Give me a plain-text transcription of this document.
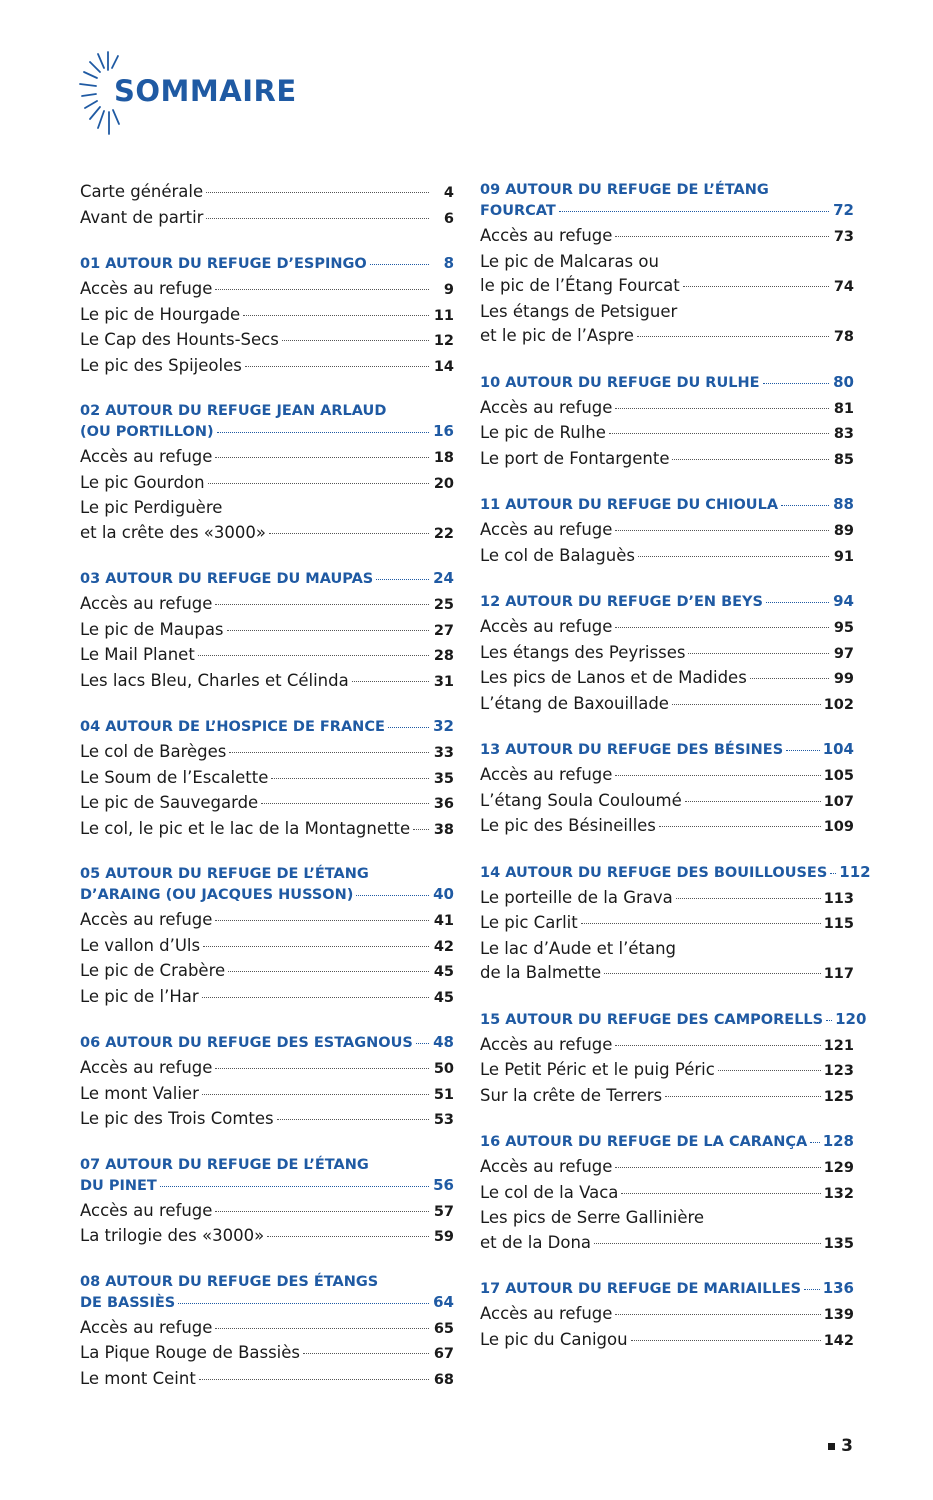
SOMMAIRE
Carte générale	4
Avant de partir	6
01 AUTOUR DU REFUGE D’ESPINGO	8
Accès au refuge	9
Le pic de Hourgade	11
Le Cap des Hounts-Secs	12
Le pic des Spijeoles	14
02 AUTOUR DU REFUGE JEAN ARLAUD
(OU PORTILLON)	16
Accès au refuge	18
Le pic Gourdon	20
Le pic Perdiguère
et la crête des «3000»	22
03 AUTOUR DU REFUGE DU MAUPAS	24
Accès au refuge	25
Le pic de Maupas	27
Le Mail Planet	28
Les lacs Bleu, Charles et Célinda	31
04 AUTOUR DE L’HOSPICE DE FRANCE	32
Le col de Barèges	33
Le Soum de l’Escalette	35
Le pic de Sauvegarde	36
Le col, le pic et le lac de la Montagnette 38
05 AUTOUR DU REFUGE DE L’ÉTANG
D’ARAING (OU JACQUES HUSSON)	40
Accès au refuge	41
Le vallon d’Uls	42
Le pic de Crabère	45
Le pic de l’Har	45
06 AUTOUR DU REFUGE DES ESTAGNOUS 48
Accès au refuge	50
Le mont Valier	51
Le pic des Trois Comtes	53
07 AUTOUR DU REFUGE DE L’ÉTANG
DU PINET	56
Accès au refuge	57
La trilogie des «3000»	59
08 AUTOUR DU REFUGE DES ÉTANGS
DE BASSIÈS	64
Accès au refuge	65
La Pique Rouge de Bassiès	67
Le mont Ceint	68
09 AUTOUR DU REFUGE DE L’ÉTANG
FOURCAT	72
Accès au refuge	73
Le pic de Malcaras ou
le pic de l’Étang Fourcat	74
Les étangs de Petsiguer
et le pic de l’Aspre	78
10 AUTOUR DU REFUGE DU RULHE	80
Accès au refuge	81
Le pic de Rulhe	83
Le port de Fontargente	85
11 AUTOUR DU REFUGE DU CHIOULA	88
Accès au refuge	89
Le col de Balaguès	91
12 AUTOUR DU REFUGE D’EN BEYS	94
Accès au refuge	95
Les étangs des Peyrisses	97
Les pics de Lanos et de Madides	99
L’étang de Baxouillade	102
13 AUTOUR DU REFUGE DES BÉSINES	104
Accès au refuge	105
L’étang Soula Couloumé	107
Le pic des Bésineilles	109
14 AUTOUR DU REFUGE DES BOUILLOUSES 112
Le porteille de la Grava	113
Le pic Carlit	115
Le lac d’Aude et l’étang
de la Balmette	117
15 AUTOUR DU REFUGE DES CAMPORELLS 120
Accès au refuge	121
Le Petit Péric et le puig Péric	123
Sur la crête de Terrers	125
16 AUTOUR DU REFUGE DE LA CARANÇA 128
Accès au refuge	129
Le col de la Vaca	132
Les pics de Serre Gallinière
et de la Dona	135
17 AUTOUR DU REFUGE DE MARIAILLES 136
Accès au refuge	139
Le pic du Canigou	142
3
